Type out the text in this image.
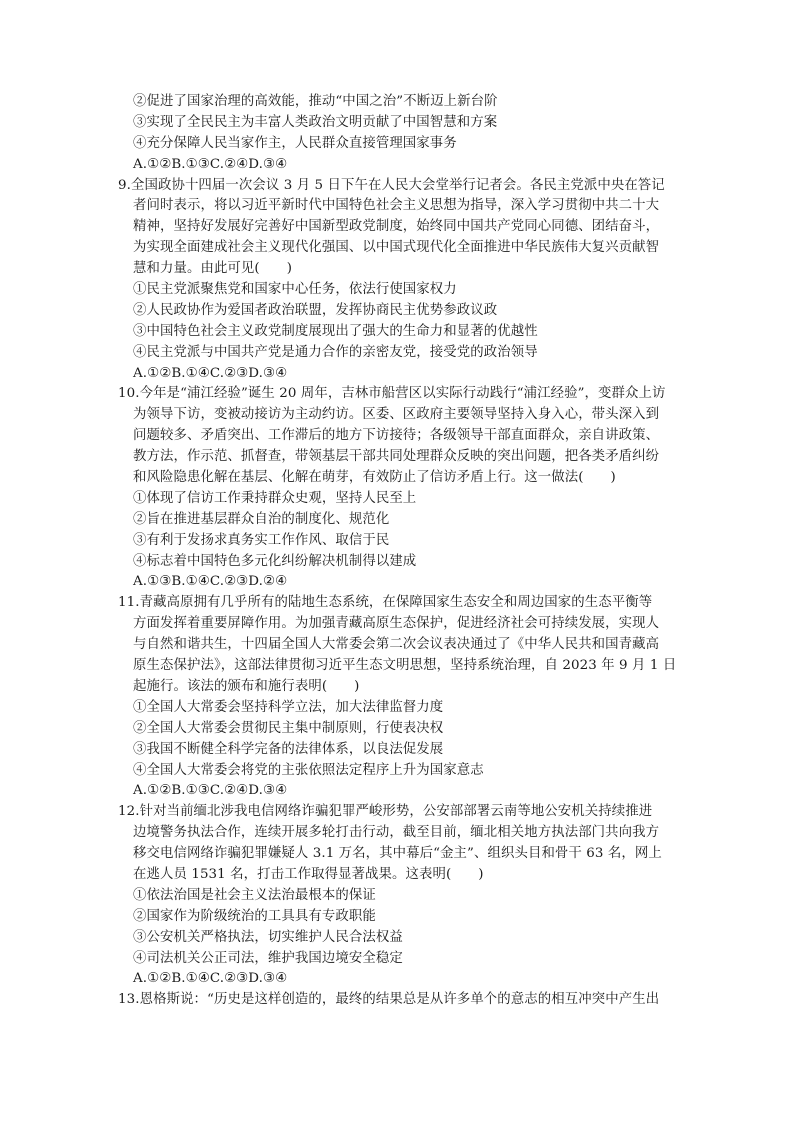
②促进了国家治理的高效能，推动“中国之治”不断迈上新台阶
③实现了全民民主为丰富人类政治文明贡献了中国智慧和方案
④充分保障人民当家作主，人民群众直接管理国家事务
A.①②B.①③C.②④D.③④
9.全国政协十四届一次会议 3 月 5 日下午在人民大会堂举行记者会。各民主党派中央在答记
者问时表示，将以习近平新时代中国特色社会主义思想为指导，深入学习贯彻中共二十大
精神，坚持好发展好完善好中国新型政党制度，始终同中国共产党同心同德、团结奋斗，
为实现全面建成社会主义现代化强国、以中国式现代化全面推进中华民族伟大复兴贡献智
慧和力量。由此可见(　　)
①民主党派聚焦党和国家中心任务，依法行使国家权力
②人民政协作为爱国者政治联盟，发挥协商民主优势参政议政
③中国特色社会主义政党制度展现出了强大的生命力和显著的优越性
④民主党派与中国共产党是通力合作的亲密友党，接受党的政治领导
A.①②B.①④C.②③D.③④
10.今年是“浦江经验”诞生 20 周年，吉林市船营区以实际行动践行“浦江经验”，变群众上访
为领导下访，变被动接访为主动约访。区委、区政府主要领导坚持入身入心，带头深入到
问题较多、矛盾突出、工作滞后的地方下访接待；各级领导干部直面群众，亲自讲政策、
教方法，作示范、抓督查，带领基层干部共同处理群众反映的突出问题，把各类矛盾纠纷
和风险隐患化解在基层、化解在萌芽，有效防止了信访矛盾上行。这一做法(　　)
①体现了信访工作秉持群众史观，坚持人民至上
②旨在推进基层群众自治的制度化、规范化
③有利于发扬求真务实工作作风、取信于民
④标志着中国特色多元化纠纷解决机制得以建成
A.①③B.①④C.②③D.②④
11.青藏高原拥有几乎所有的陆地生态系统，在保障国家生态安全和周边国家的生态平衡等
方面发挥着重要屏障作用。为加强青藏高原生态保护，促进经济社会可持续发展，实现人
与自然和谐共生，十四届全国人大常委会第二次会议表决通过了《中华人民共和国青藏高
原生态保护法》，这部法律贯彻习近平生态文明思想，坚持系统治理，自 2023 年 9 月 1 日
起施行。该法的颁布和施行表明(　　)
①全国人大常委会坚持科学立法，加大法律监督力度
②全国人大常委会贯彻民主集中制原则，行使表决权
③我国不断健全科学完备的法律体系，以良法促发展
④全国人大常委会将党的主张依照法定程序上升为国家意志
A.①②B.①③C.②④D.③④
12.针对当前缅北涉我电信网络诈骗犯罪严峻形势，公安部部署云南等地公安机关持续推进
边境警务执法合作，连续开展多轮打击行动，截至目前，缅北相关地方执法部门共向我方
移交电信网络诈骗犯罪嫌疑人 3.1 万名，其中幕后“金主”、组织头目和骨干 63 名，网上
在逃人员 1531 名，打击工作取得显著战果。这表明(　　)
①依法治国是社会主义法治最根本的保证
②国家作为阶级统治的工具具有专政职能
③公安机关严格执法，切实维护人民合法权益
④司法机关公正司法，维护我国边境安全稳定
A.①②B.①④C.②③D.③④
13.恩格斯说：“历史是这样创造的，最终的结果总是从许多单个的意志的相互冲突中产生出
